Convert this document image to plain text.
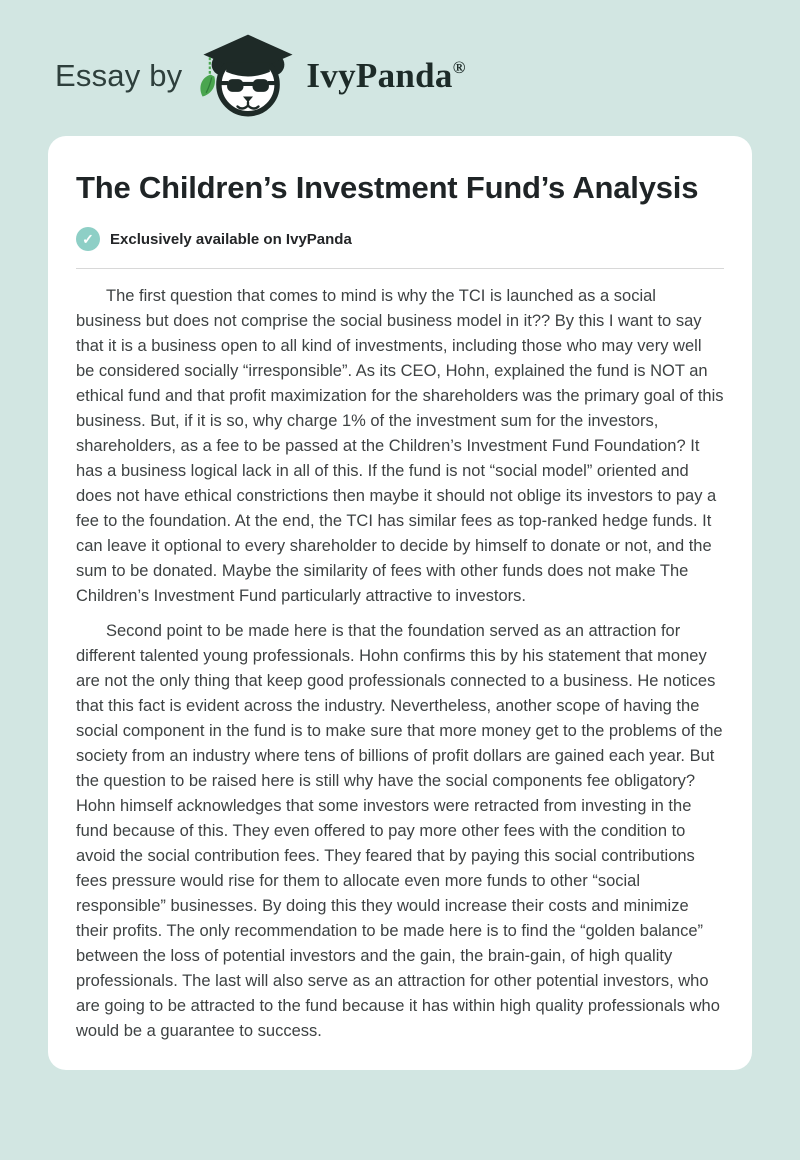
Essay by	IvyPanda®
The Children’s Investment Fund’s Analysis
✓	Exclusively available on IvyPanda

The first question that comes to mind is why the TCI is launched as a social business but does not comprise the social business model in it?? By this I want to say that it is a business open to all kind of investments, including those who may very well be considered socially “irresponsible”. As its CEO, Hohn, explained the fund is NOT an ethical fund and that profit maximization for the shareholders was the primary goal of this business. But, if it is so, why charge 1% of the investment sum for the investors, shareholders, as a fee to be passed at the Children’s Investment Fund Foundation? It has a business logical lack in all of this. If the fund is not “social model” oriented and does not have ethical constrictions then maybe it should not oblige its investors to pay a fee to the foundation. At the end, the TCI has similar fees as top-ranked hedge funds. It can leave it optional to every shareholder to decide by himself to donate or not, and the sum to be donated. Maybe the similarity of fees with other funds does not make The Children’s Investment Fund particularly attractive to investors.

Second point to be made here is that the foundation served as an attraction for different talented young professionals. Hohn confirms this by his statement that money are not the only thing that keep good professionals connected to a business. He notices that this fact is evident across the industry. Nevertheless, another scope of having the social component in the fund is to make sure that more money get to the problems of the society from an industry where tens of billions of profit dollars are gained each year. But the question to be raised here is still why have the social components fee obligatory? Hohn himself acknowledges that some investors were retracted from investing in the fund because of this. They even offered to pay more other fees with the condition to avoid the social contribution fees. They feared that by paying this social contributions fees pressure would rise for them to allocate even more funds to other “social responsible” businesses. By doing this they would increase their costs and minimize their profits. The only recommendation to be made here is to find the “golden balance” between the loss of potential investors and the gain, the brain-gain, of high quality professionals. The last will also serve as an attraction for other potential investors, who are going to be attracted to the fund because it has within high quality professionals who would be a guarantee to success.
